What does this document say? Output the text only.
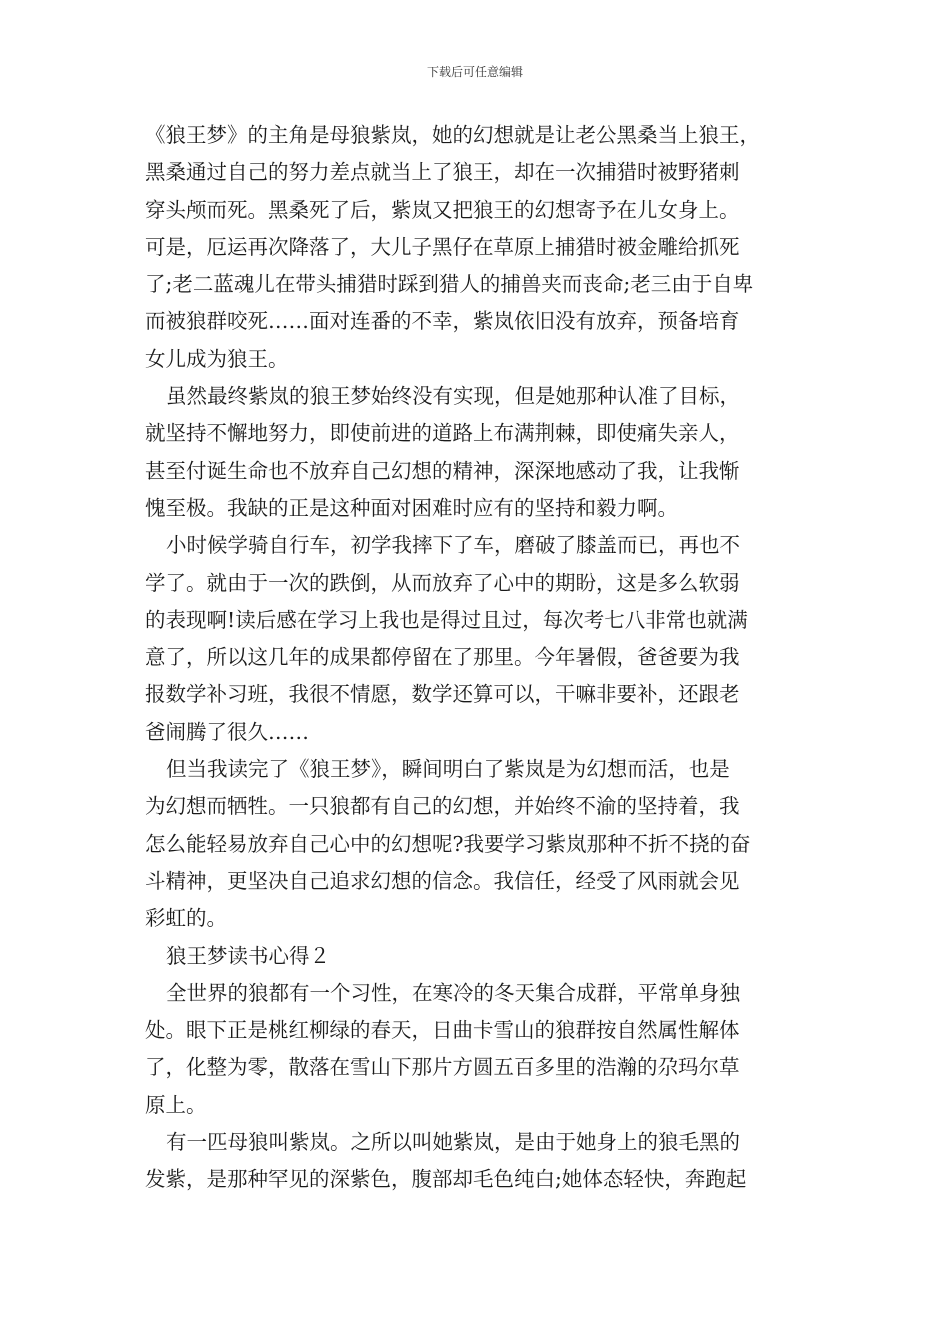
下载后可任意编辑
《狼王梦》的主角是母狼紫岚，她的幻想就是让老公黑桑当上狼王，
黑桑通过自己的努力差点就当上了狼王，却在一次捕猎时被野猪刺
穿头颅而死。黑桑死了后，紫岚又把狼王的幻想寄予在儿女身上。
可是，厄运再次降落了，大儿子黑仔在草原上捕猎时被金雕给抓死
了;老二蓝魂儿在带头捕猎时踩到猎人的捕兽夹而丧命;老三由于自卑
而被狼群咬死……面对连番的不幸，紫岚依旧没有放弃，预备培育
女儿成为狼王。
虽然最终紫岚的狼王梦始终没有实现，但是她那种认准了目标，
就坚持不懈地努力，即使前进的道路上布满荆棘，即使痛失亲人，
甚至付诞生命也不放弃自己幻想的精神，深深地感动了我，让我惭
愧至极。我缺的正是这种面对困难时应有的坚持和毅力啊。
小时候学骑自行车，初学我摔下了车，磨破了膝盖而已，再也不
学了。就由于一次的跌倒，从而放弃了心中的期盼，这是多么软弱
的表现啊!读后感在学习上我也是得过且过，每次考七八非常也就满
意了，所以这几年的成果都停留在了那里。今年暑假，爸爸要为我
报数学补习班，我很不情愿，数学还算可以，干嘛非要补，还跟老
爸闹腾了很久……
但当我读完了《狼王梦》，瞬间明白了紫岚是为幻想而活，也是
为幻想而牺牲。一只狼都有自己的幻想，并始终不渝的坚持着，我
怎么能轻易放弃自己心中的幻想呢?我要学习紫岚那种不折不挠的奋
斗精神，更坚决自己追求幻想的信念。我信任，经受了风雨就会见
彩虹的。
狼王梦读书心得２
全世界的狼都有一个习性，在寒冷的冬天集合成群，平常单身独
处。眼下正是桃红柳绿的春天，日曲卡雪山的狼群按自然属性解体
了，化整为零，散落在雪山下那片方圆五百多里的浩瀚的尕玛尔草
原上。
有一匹母狼叫紫岚。之所以叫她紫岚，是由于她身上的狼毛黑的
发紫，是那种罕见的深紫色，腹部却毛色纯白;她体态轻快，奔跑起
